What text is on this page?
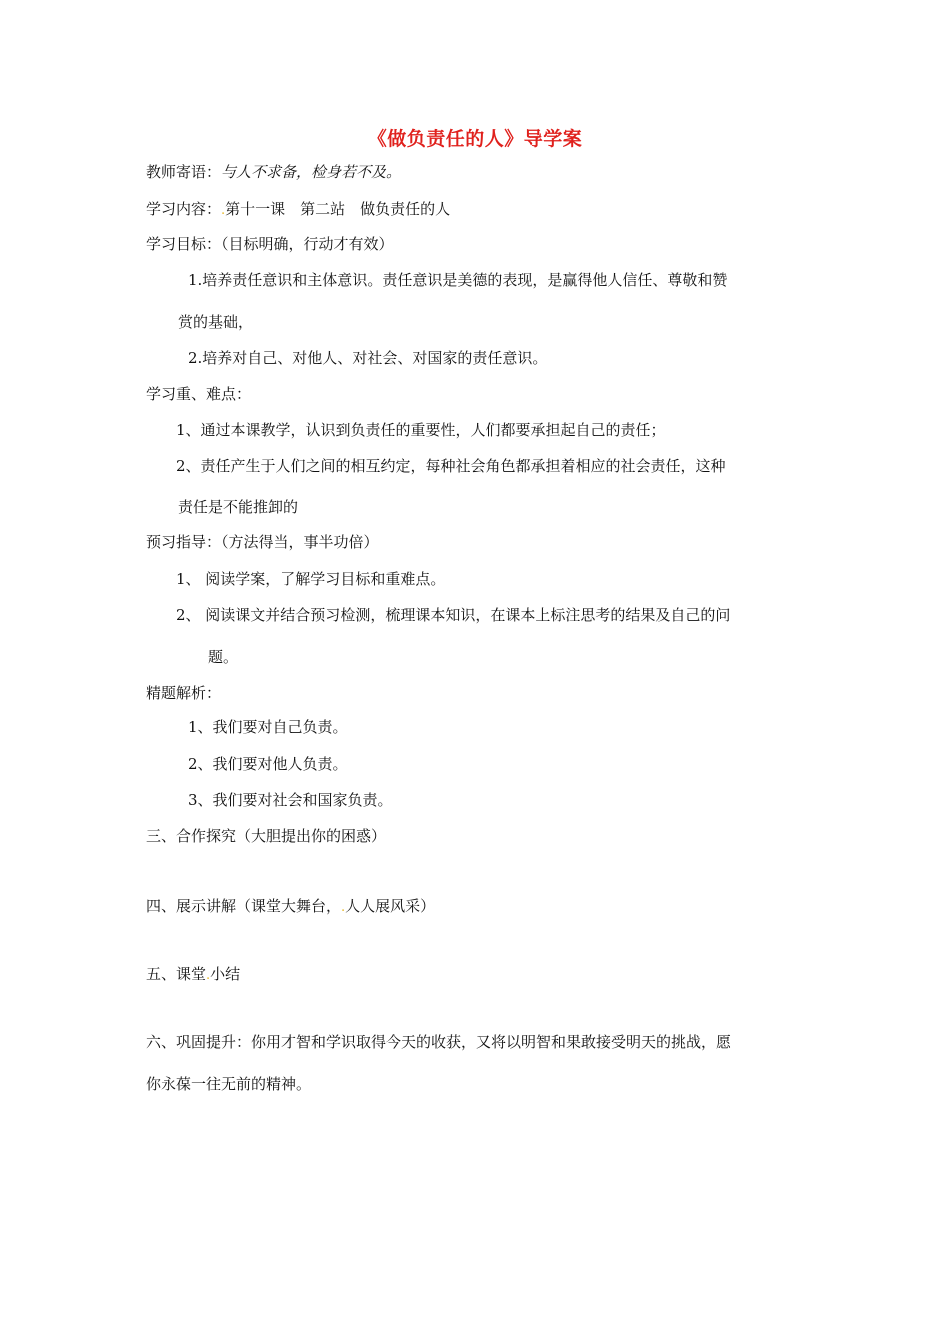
《做负责任的人》导学案
教师寄语：与人不求备，检身若不及。
学习内容：.第十一课　第二站　做负责任的人
学习目标：（目标明确，行动才有效）
1.培养责任意识和主体意识。责任意识是美德的表现，是赢得他人信任、尊敬和赞
赏的基础，
2.培养对自己、对他人、对社会、对国家的责任意识。
学习重、难点：
1、通过本课教学，认识到负责任的重要性，人们都要承担起自己的责任；
2、责任产生于人们之间的相互约定，每种社会角色都承担着相应的社会责任，这种
责任是不能推卸的
预习指导：（方法得当，事半功倍）
1、 阅读学案，了解学习目标和重难点。
2、 阅读课文并结合预习检测，梳理课本知识，在课本上标注思考的结果及自己的问
题。
精题解析：
1、我们要对自己负责。
2、我们要对他人负责。
3、我们要对社会和国家负责。
三、合作探究（大胆提出你的困惑）
四、展示讲解（课堂大舞台，.人人展风采）
五、课堂.小结
六、巩固提升：你用才智和学识取得今天的收获，又将以明智和果敢接受明天的挑战，愿
你永葆一往无前的精神。
